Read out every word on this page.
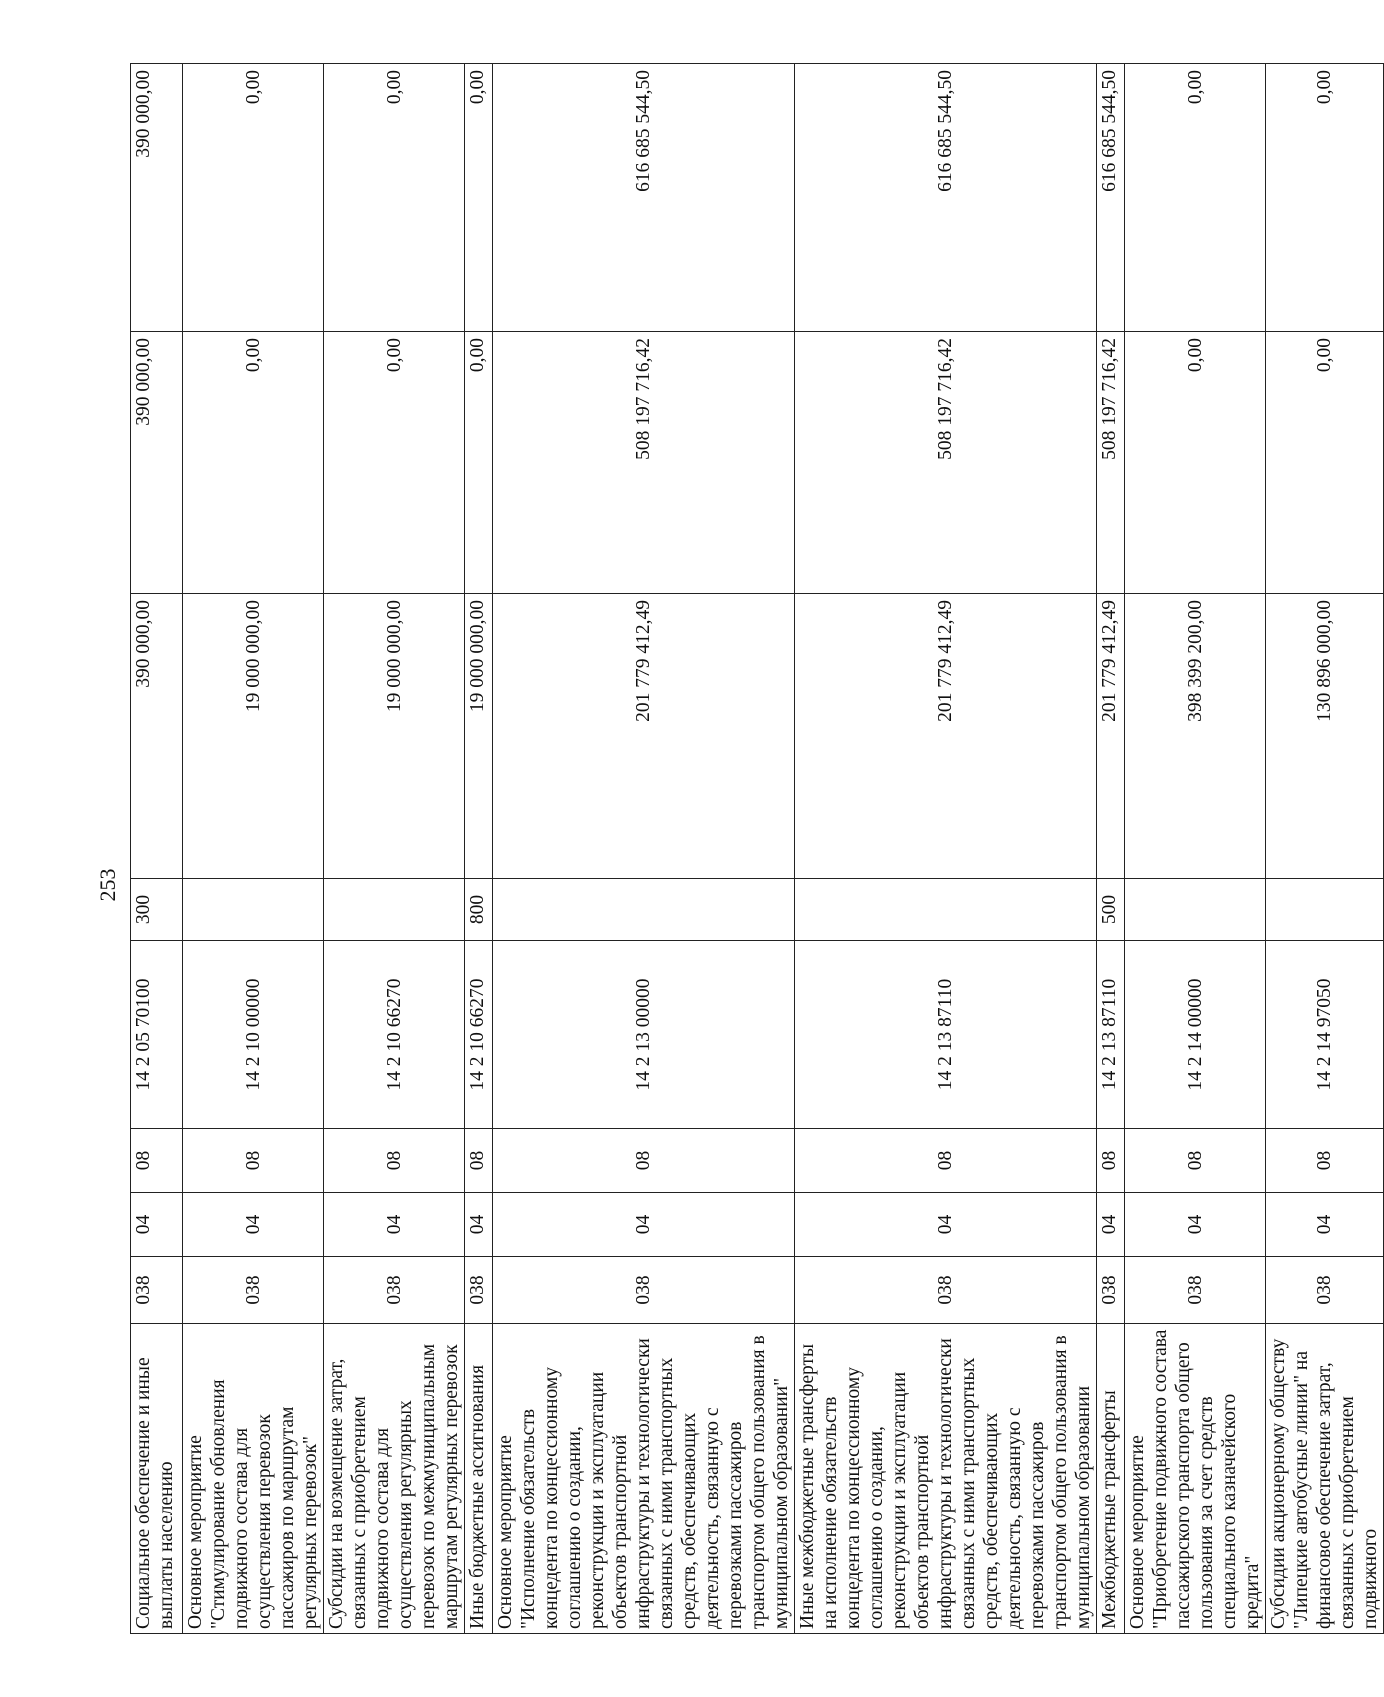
253
Социальное обеспечение и иные выплаты населению	038	04	08	14 2 05 70100	300	390 000,00	390 000,00	390 000,00
Основное мероприятие "Стимулирование обновления подвижного состава для осуществления перевозок пассажиров по маршрутам регулярных перевозок"	038	04	08	14 2 10 00000		19 000 000,00	0,00	0,00
Субсидии на возмещение затрат, связанных с приобретением подвижного состава для осуществления регулярных перевозок по межмуниципальным маршрутам регулярных перевозок	038	04	08	14 2 10 66270		19 000 000,00	0,00	0,00
Иные бюджетные ассигнования	038	04	08	14 2 10 66270	800	19 000 000,00	0,00	0,00
Основное мероприятие "Исполнение обязательств концедента по концессионному соглашению о создании, реконструкции и эксплуатации объектов транспортной инфраструктуры и технологически связанных с ними транспортных средств, обеспечивающих деятельность, связанную с перевозками пассажиров транспортом общего пользования в муниципальном образовании"	038	04	08	14 2 13 00000		201 779 412,49	508 197 716,42	616 685 544,50
Иные межбюджетные трансферты на исполнение обязательств концедента по концессионному соглашению о создании, реконструкции и эксплуатации объектов транспортной инфраструктуры и технологически связанных с ними транспортных средств, обеспечивающих деятельность, связанную с перевозками пассажиров транспортом общего пользования в муниципальном образовании	038	04	08	14 2 13 87110		201 779 412,49	508 197 716,42	616 685 544,50
Межбюджетные трансферты	038	04	08	14 2 13 87110	500	201 779 412,49	508 197 716,42	616 685 544,50
Основное мероприятие "Приобретение подвижного состава пассажирского транспорта общего пользования за счет средств специального казначейского кредита"	038	04	08	14 2 14 00000		398 399 200,00	0,00	0,00
Субсидии акционерному обществу "Липецкие автобусные линии" на финансовое обеспечение затрат, связанных с приобретением подвижного	038	04	08	14 2 14 97050		130 896 000,00	0,00	0,00
